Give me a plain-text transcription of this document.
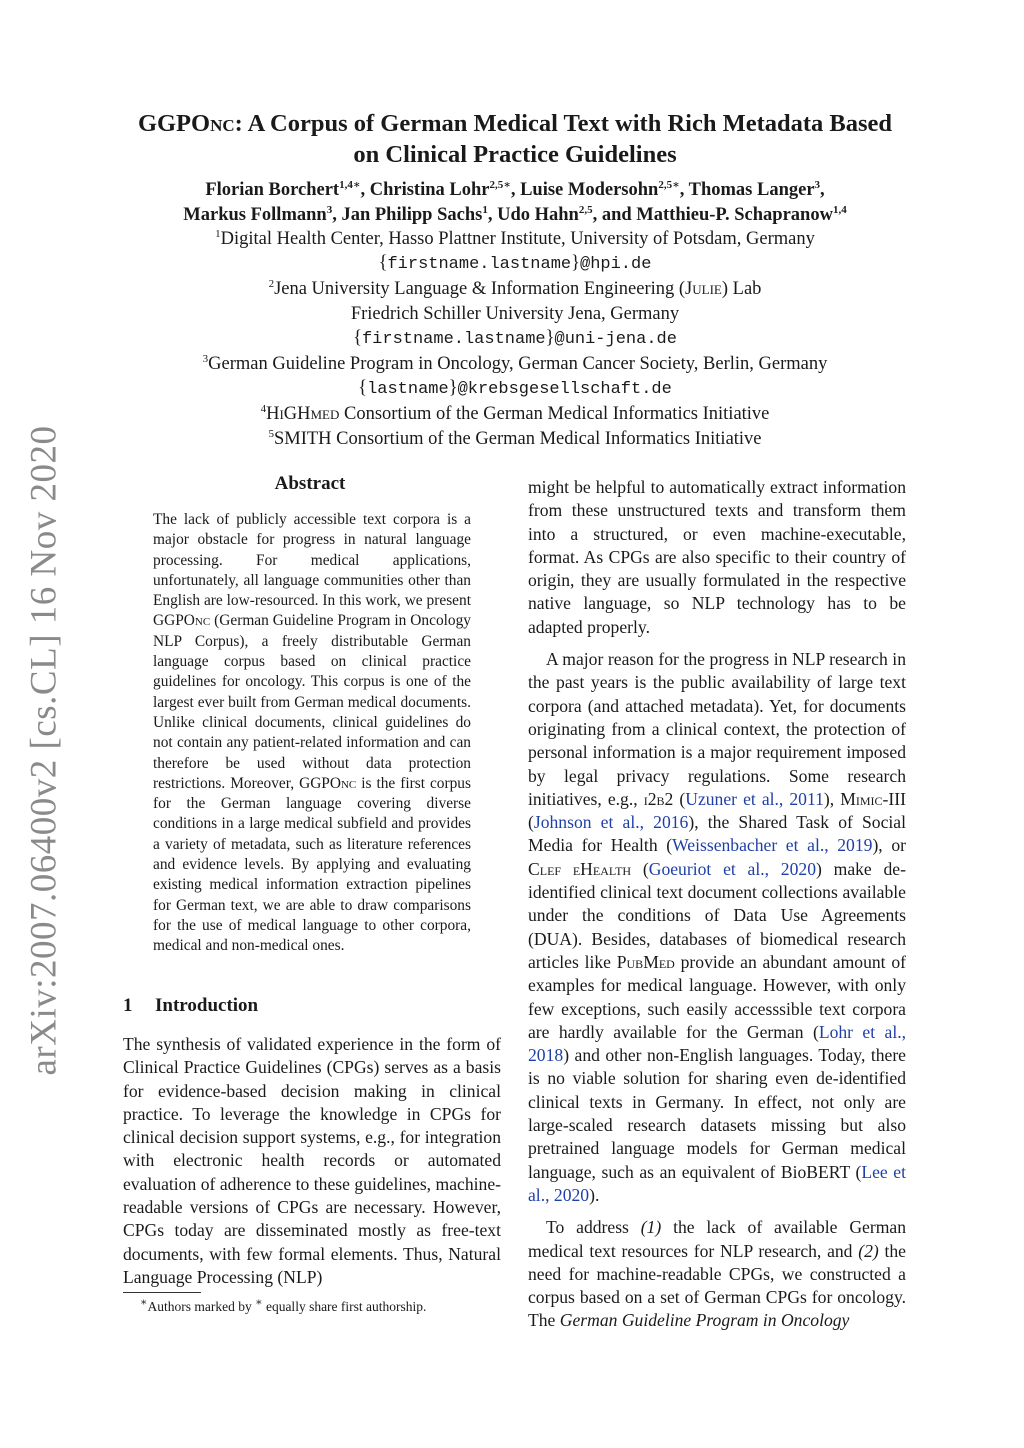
arXiv:2007.06400v2 [cs.CL] 16 Nov 2020
GGPOnc: A Corpus of German Medical Text with Rich Metadata Based
on Clinical Practice Guidelines
Florian Borchert$^{1,4∗}$, Christina Lohr$^{2,5∗}$, Luise Modersohn$^{2,5∗}$, Thomas Langer$^3$,
Markus Follmann$^3$, Jan Philipp Sachs$^1$, Udo Hahn$^{2,5}$, and Matthieu-P. Schapranow$^{1,4}$
$^1$Digital Health Center, Hasso Plattner Institute, University of Potsdam, Germany
{firstname.lastname}@hpi.de
$^2$Jena University Language & Information Engineering (Julie) Lab
Friedrich Schiller University Jena, Germany
{firstname.lastname}@uni-jena.de
$^3$German Guideline Program in Oncology, German Cancer Society, Berlin, Germany
{lastname}@krebsgesellschaft.de
$^4$HiGHmed Consortium of the German Medical Informatics Initiative
$^5$SMITH Consortium of the German Medical Informatics Initiative
Abstract
The lack of publicly accessible text corpora is a major obstacle for progress in natural language processing. For medical applications, unfortunately, all language communities other than English are low-resourced. In this work, we present GGPOnc (German Guideline Program in Oncology NLP Corpus), a freely distributable German language corpus based on clinical practice guidelines for oncology. This corpus is one of the largest ever built from German medical documents. Unlike clinical documents, clinical guidelines do not contain any patient-related information and can therefore be used without data protection restrictions. Moreover, GGPOnc is the first corpus for the German language covering diverse conditions in a large medical subfield and provides a variety of metadata, such as literature references and evidence levels. By applying and evaluating existing medical information extraction pipelines for German text, we are able to draw comparisons for the use of medical language to other corpora, medical and non-medical ones.
1 Introduction

The synthesis of validated experience in the form of Clinical Practice Guidelines (CPGs) serves as a basis for evidence-based decision making in clinical practice. To leverage the knowledge in CPGs for clinical decision support systems, e.g., for integration with electronic health records or automated evaluation of adherence to these guidelines, machine-readable versions of CPGs are necessary. However, CPGs today are disseminated mostly as free-text documents, with few formal elements. Thus, Natural Language Processing (NLP)

∗Authors marked by ∗ equally share first authorship.

might be helpful to automatically extract information from these unstructured texts and transform them into a structured, or even machine-executable, format. As CPGs are also specific to their country of origin, they are usually formulated in the respective native language, so NLP technology has to be adapted properly.

A major reason for the progress in NLP research in the past years is the public availability of large text corpora (and attached metadata). Yet, for documents originating from a clinical context, the protection of personal information is a major requirement imposed by legal privacy regulations. Some research initiatives, e.g., i2b2 (Uzuner et al., 2011), Mimic-III (Johnson et al., 2016), the Shared Task of Social Media for Health (Weissenbacher et al., 2019), or Clef eHealth (Goeuriot et al., 2020) make de-identified clinical text document collections available under the conditions of Data Use Agreements (DUA). Besides, databases of biomedical research articles like PubMed provide an abundant amount of examples for medical language. However, with only few exceptions, such easily accesssible text corpora are hardly available for the German (Lohr et al., 2018) and other non-English languages. Today, there is no viable solution for sharing even de-identified clinical texts in Germany. In effect, not only are large-scaled research datasets missing but also pretrained language models for German medical language, such as an equivalent of BioBERT (Lee et al., 2020).

To address (1) the lack of available German medical text resources for NLP research, and (2) the need for machine-readable CPGs, we constructed a corpus based on a set of German CPGs for oncology. The German Guideline Program in Oncology
